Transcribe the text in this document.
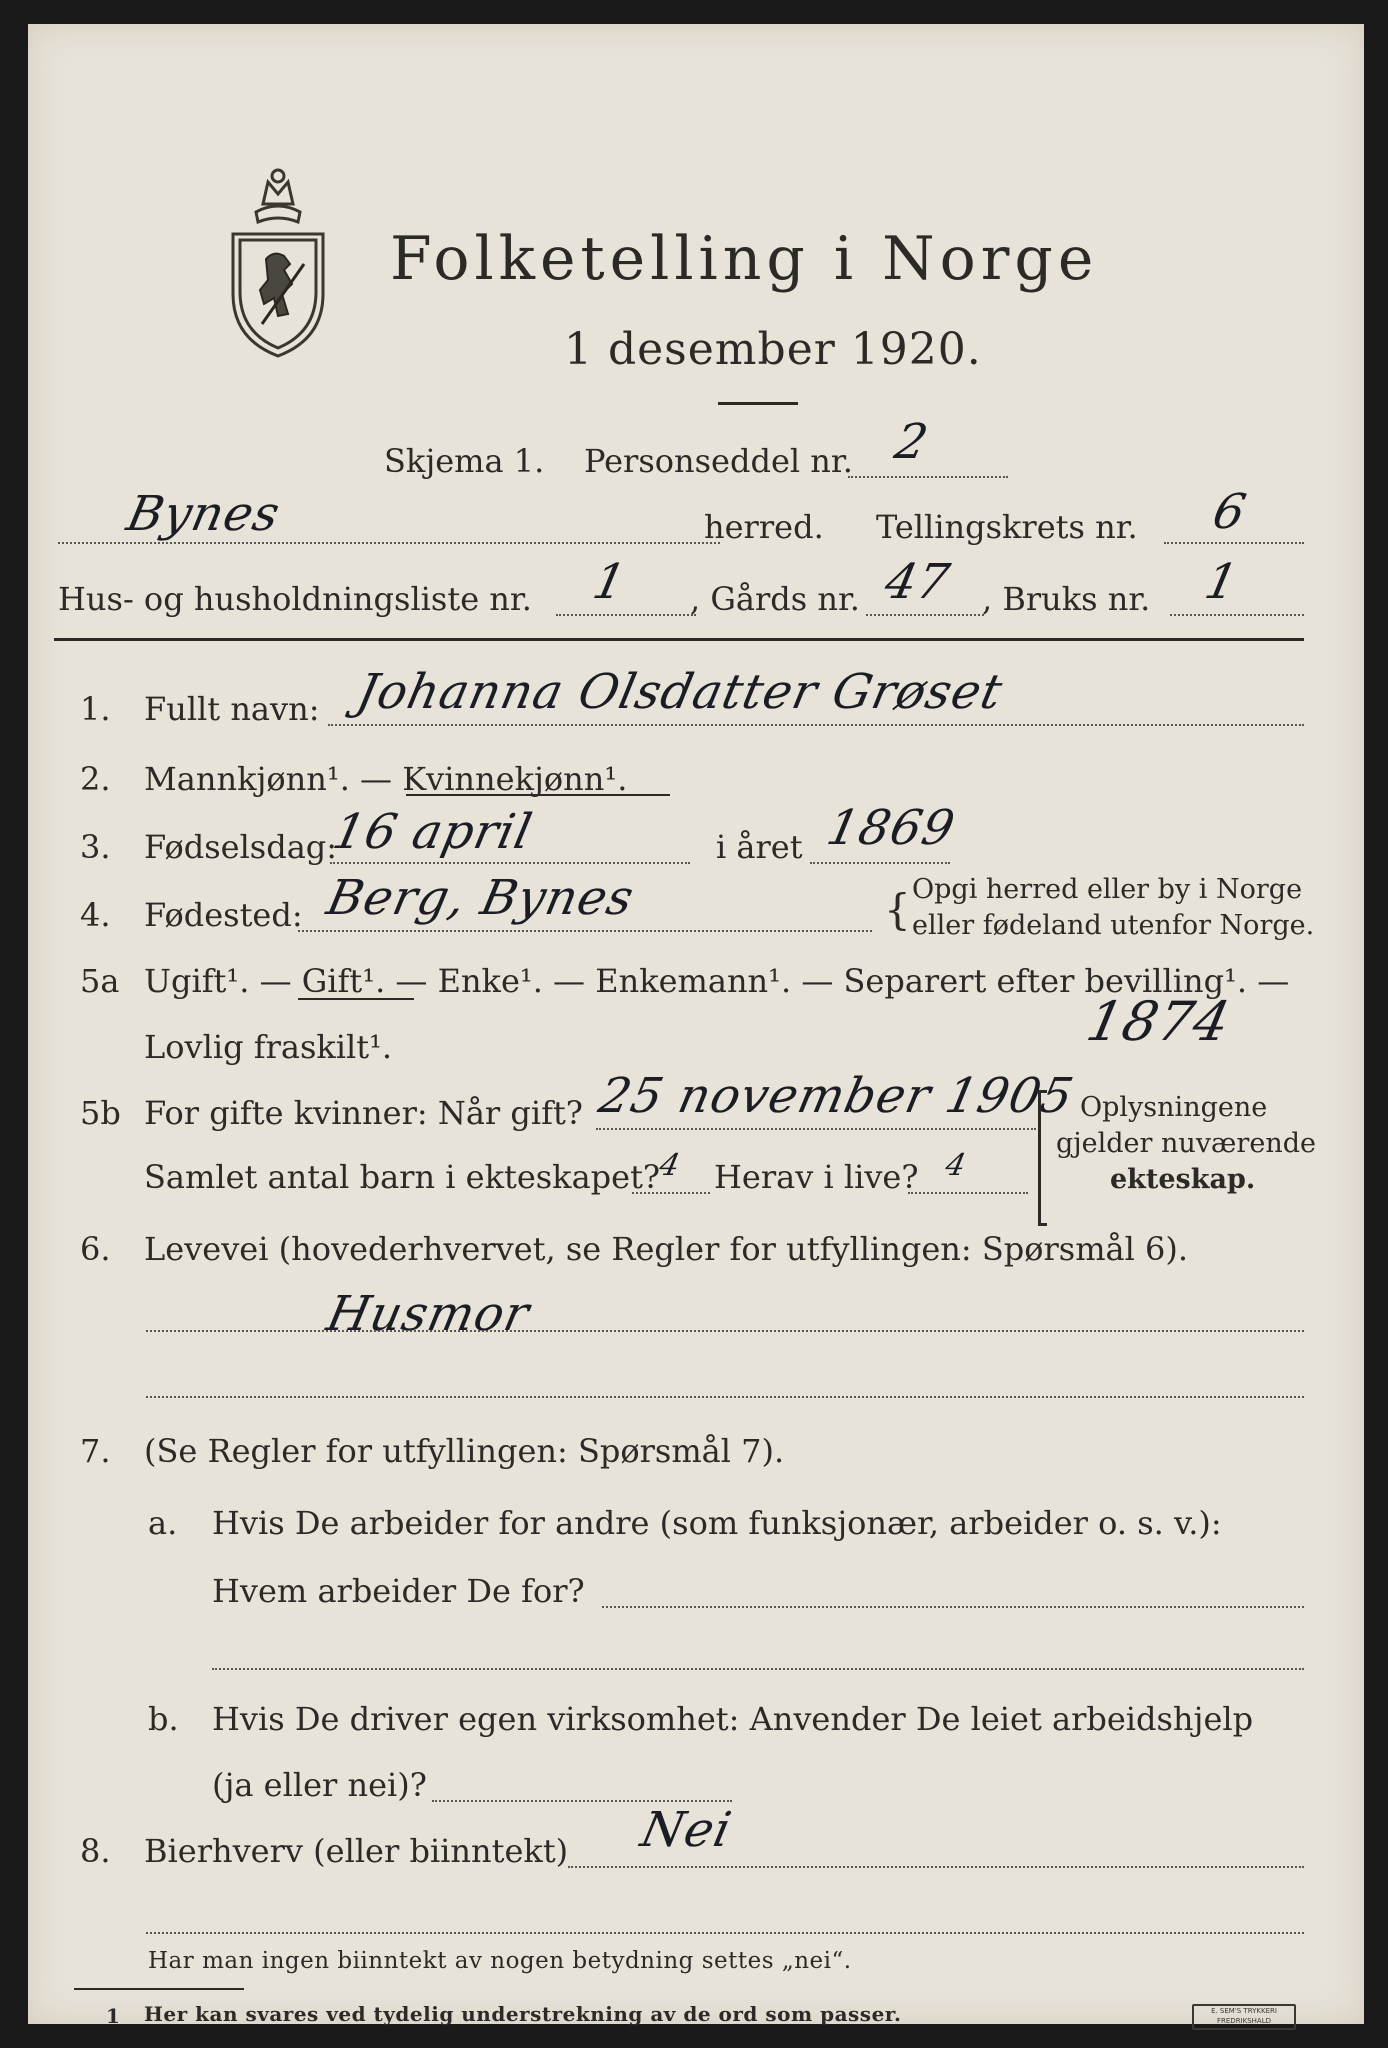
Folketelling i Norge
1 desember 1920.
Skjema 1. Personseddel nr. 2
Bynes	herred. Tellingskrets nr. 6
Hus- og husholdningsliste nr. 1 , Gårds nr. 47 , Bruks nr. 1
1. Fullt navn: Johanna Olsdatter Grøset
2. Mannkjønn¹. — Kvinnekjønn¹.
3. Fødselsdag:
16 april	i året 1869
4. Fødested: Berg, Bynes	{ Opgi herred eller by i Norge
eller fødeland utenfor Norge.
5a Ugift¹. — Gift¹. — Enke¹. — Enkemann¹. — Separert efter bevilling¹. —
Lovlig fraskilt¹.	1874
5b For gifte kvinner: Når gift? 25 november 1905
Samlet antal barn i ekteskapet?
4 Herav i live? 4
Oplysningene
gjelder nuværende
ekteskap.
6. Levevei (hovederhvervet, se Regler for utfyllingen: Spørsmål 6).
Husmor
7. (Se Regler for utfyllingen: Spørsmål 7).
a. Hvis De arbeider for andre (som funksjonær, arbeider o. s. v.):
Hvem arbeider De for?
b. Hvis De driver egen virksomhet: Anvender De leiet arbeidshjelp
(ja eller nei)?
8. Bierhverv (eller biinntekt) Nei
Har man ingen biinntekt av nogen betydning settes „nei“.
1 Her kan svares ved tydelig understrekning av de ord som passer.	E. SEM'S TRYKKERI
FREDRIKSHALD
